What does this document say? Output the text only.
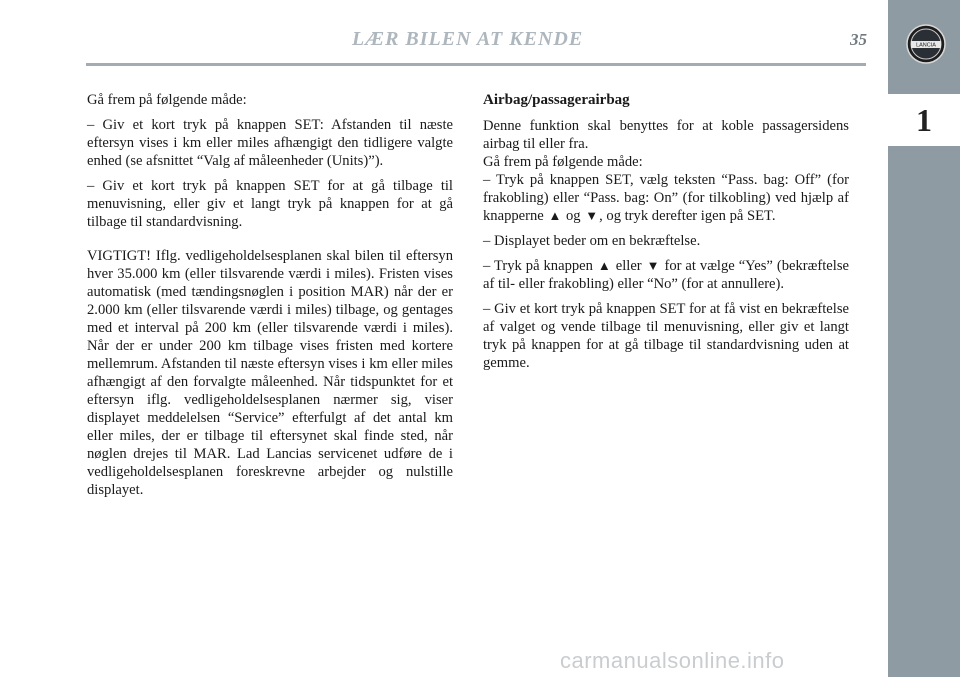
LÆR BILEN AT KENDE	35	LANCIA
1

Gå frem på følgende måde:

– Giv et kort tryk på knappen SET: Afstanden til næste eftersyn vises i km eller miles afhængigt den tidligere valgte enhed (se afsnittet “Valg af måleenheder (Units)”).

– Giv et kort tryk på knappen SET for at gå tilbage til menuvisning, eller giv et langt tryk på knappen for at gå tilbage til standardvisning.

VIGTIGT! Iflg. vedligeholdelsesplanen skal bilen til eftersyn hver 35.000 km (eller tilsvarende værdi i miles). Fristen vises automatisk (med tændingsnøglen i position MAR) når der er 2.000 km (eller tilsvarende værdi i miles) tilbage, og gentages med et interval på 200 km (eller tilsvarende værdi i miles). Når der er under 200 km tilbage vises fristen med kortere mellemrum. Afstanden til næste eftersyn vises i km eller miles afhængigt af den forvalgte måleenhed. Når tidspunktet for et eftersyn iflg. vedligeholdelsesplanen nærmer sig, viser displayet meddelelsen “Service” efterfulgt af det antal km eller miles, der er tilbage til eftersynet skal finde sted, når nøglen drejes til MAR. Lad Lancias servicenet udføre de i vedligeholdelsesplanen foreskrevne arbejder og nulstille displayet.

Airbag/passagerairbag

Denne funktion skal benyttes for at koble passagersidens airbag til eller fra.

Gå frem på følgende måde:

– Tryk på knappen SET, vælg teksten “Pass. bag: Off” (for frakobling) eller “Pass. bag: On” (for tilkobling) ved hjælp af knapperne ▲ og ▼, og tryk derefter igen på SET.

– Displayet beder om en bekræftelse.

– Tryk på knappen ▲ eller ▼ for at vælge “Yes” (bekræftelse af til- eller frakobling) eller “No” (for at annullere).

– Giv et kort tryk på knappen SET for at få vist en bekræftelse af valget og vende tilbage til menuvisning, eller giv et langt tryk på knappen for at gå tilbage til standardvisning uden at gemme.

carmanualsonline.info
